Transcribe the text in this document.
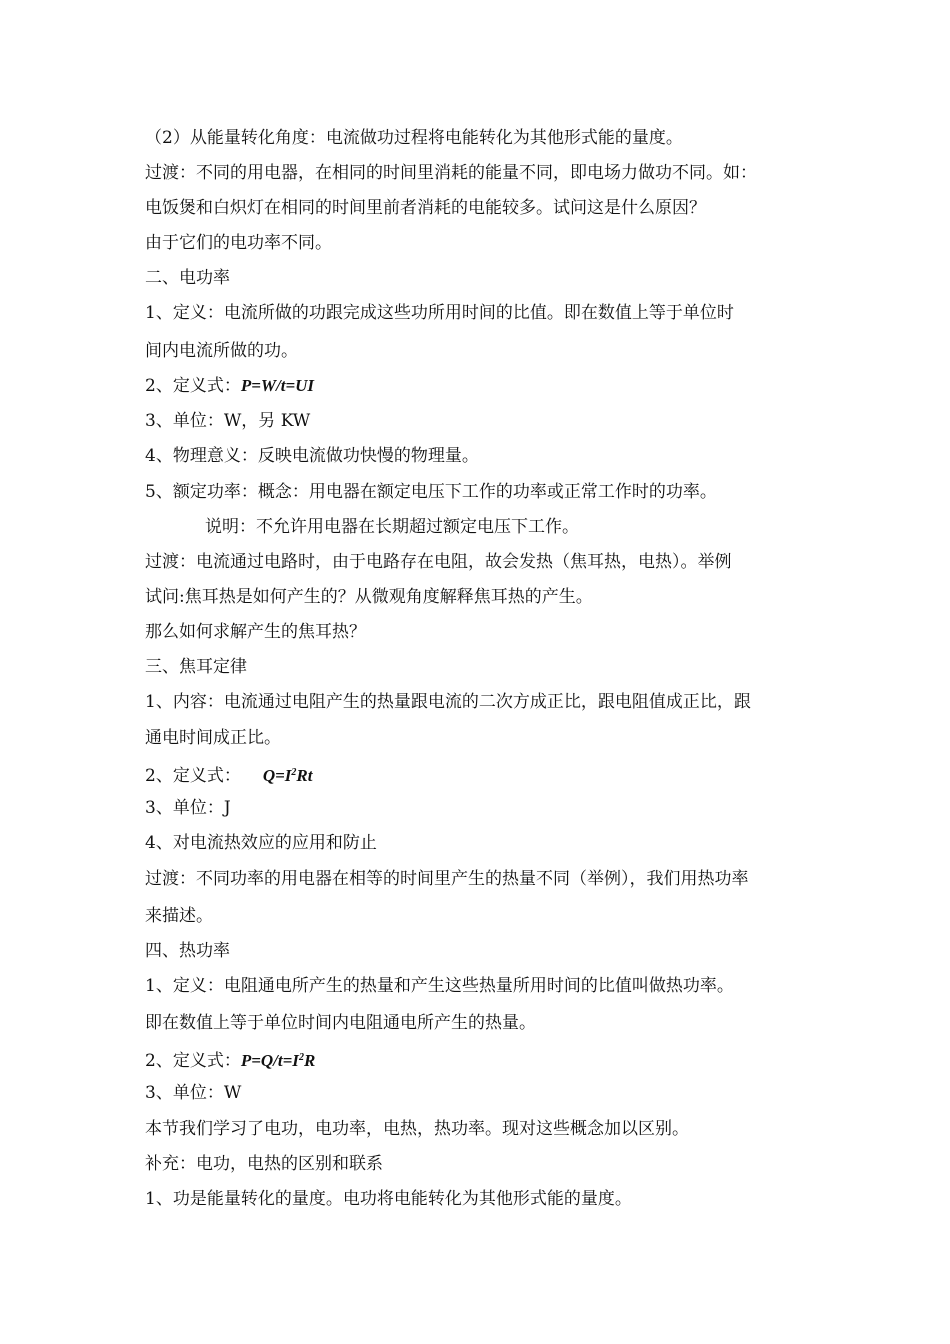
（2）从能量转化角度：电流做功过程将电能转化为其他形式能的量度。
过渡：不同的用电器，在相同的时间里消耗的能量不同，即电场力做功不同。如：
电饭煲和白炽灯在相同的时间里前者消耗的电能较多。试问这是什么原因？
由于它们的电功率不同。
二、电功率
1、定义：电流所做的功跟完成这些功所用时间的比值。即在数值上等于单位时
间内电流所做的功。
2、定义式：P=W/t=UI
3、单位：W，另 KW
4、物理意义：反映电流做功快慢的物理量。
5、额定功率：概念：用电器在额定电压下工作的功率或正常工作时的功率。
说明：不允许用电器在长期超过额定电压下工作。
过渡：电流通过电路时，由于电路存在电阻，故会发热（焦耳热，电热）。举例
试问:焦耳热是如何产生的？从微观角度解释焦耳热的产生。
那么如何求解产生的焦耳热？
三、焦耳定律
1、内容：电流通过电阻产生的热量跟电流的二次方成正比，跟电阻值成正比，跟
通电时间成正比。
2、定义式： $Q=I^2Rt$
3、单位：J
4、对电流热效应的应用和防止
过渡：不同功率的用电器在相等的时间里产生的热量不同（举例），我们用热功率
来描述。
四、热功率
1、定义：电阻通电所产生的热量和产生这些热量所用时间的比值叫做热功率。
即在数值上等于单位时间内电阻通电所产生的热量。
2、定义式：$P=Q/t=I^2R$
3、单位：W
本节我们学习了电功，电功率，电热，热功率。现对这些概念加以区别。
补充：电功，电热的区别和联系
1、功是能量转化的量度。电功将电能转化为其他形式能的量度。
